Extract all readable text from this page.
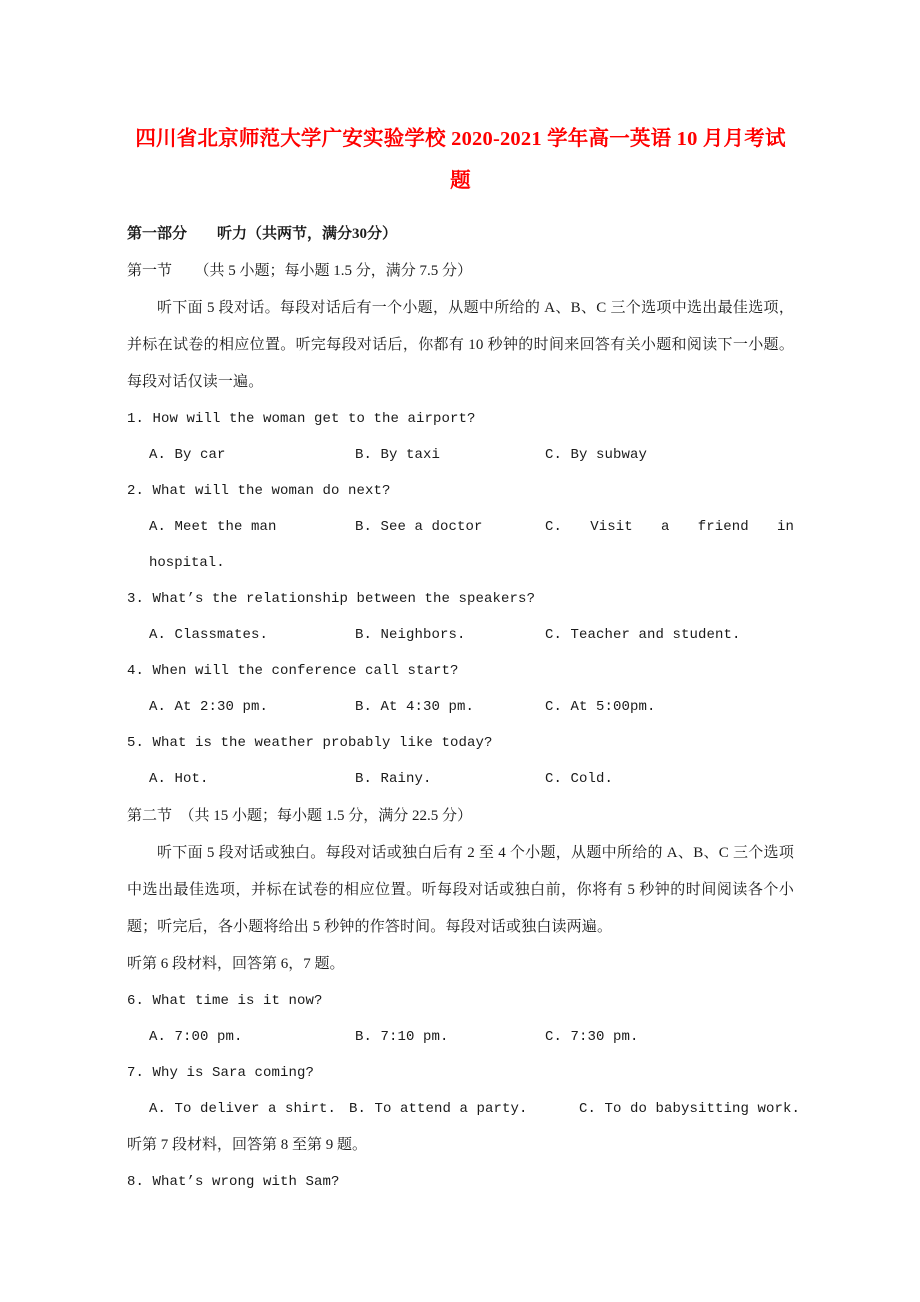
四川省北京师范大学广安实验学校 2020-2021 学年高一英语 10 月月考试题

第一部分　　听力（共两节，满分30分）

第一节　　（共 5 小题；每小题 1.5 分，满分 7.5 分）

听下面 5 段对话。每段对话后有一个小题，从题中所给的 A、B、C 三个选项中选出最佳选项，并标在试卷的相应位置。听完每段对话后，你都有 10 秒钟的时间来回答有关小题和阅读下一小题。每段对话仅读一遍。

1. How will the woman get to the airport?

A. By car	B. By taxi	C. By subway

2. What will the woman do next?

A. Meet the man	B. See a doctor	C. Visit a friend in

hospital.

3. What’s the relationship between the speakers?

A. Classmates.	B. Neighbors.	C. Teacher and student.

4. When will the conference call start?

A. At 2:30 pm.	B. At 4:30 pm.	C. At 5:00pm.

5. What is the weather probably like today?

A. Hot.	B. Rainy.	C. Cold.

第二节　（共 15 小题；每小题 1.5 分，满分 22.5 分）

听下面 5 段对话或独白。每段对话或独白后有 2 至 4 个小题，从题中所给的 A、B、C 三个选项中选出最佳选项，并标在试卷的相应位置。听每段对话或独白前，你将有 5 秒钟的时间阅读各个小题；听完后，各小题将给出 5 秒钟的作答时间。每段对话或独白读两遍。

听第 6 段材料，回答第 6，7 题。

6. What time is it now?

A. 7:00 pm.	B. 7:10 pm.	C. 7:30 pm.

7. Why is Sara coming?

A. To deliver a shirt. B. To attend a party.	C. To do babysitting work.

听第 7 段材料，回答第 8 至第 9 题。

8. What’s wrong with Sam?
